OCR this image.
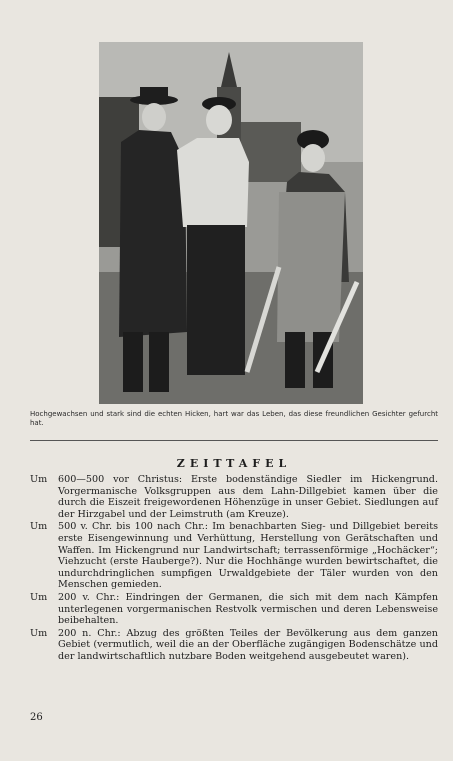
Hochgewachsen und stark sind die echten Hicken, hart war das Leben, das diese freundlichen Gesichter gefurcht hat.
ZEITTAFEL
Um	600—500 vor Christus: Erste bodenständige Siedler im Hickengrund. Vorgermanische Volksgruppen aus dem Lahn-Dillgebiet kamen über die durch die Eiszeit freigewordenen Höhenzüge in unser Gebiet. Siedlungen auf der Hirzgabel und der Leimstruth (am Kreuze).
Um	500 v. Chr. bis 100 nach Chr.: Im benachbarten Sieg- und Dillgebiet bereits erste Eisengewinnung und Verhüttung, Herstellung von Gerätschaften und Waffen. Im Hickengrund nur Landwirtschaft; terrassenförmige „Hochäcker“; Viehzucht (erste Hauberge?). Nur die Hochhänge wurden bewirtschaftet, die undurchdringlichen sumpfigen Urwaldgebiete der Täler wurden von den Menschen gemieden.
Um	200 v. Chr.: Eindringen der Germanen, die sich mit dem nach Kämpfen unterlegenen vorgermanischen Restvolk vermischen und deren Lebensweise beibehalten.
Um	200 n. Chr.: Abzug des größten Teiles der Bevölkerung aus dem ganzen Gebiet (vermutlich, weil die an der Oberfläche zugängigen Bodenschätze und der landwirtschaftlich nutzbare Boden weitgehend ausgebeutet waren).
26
